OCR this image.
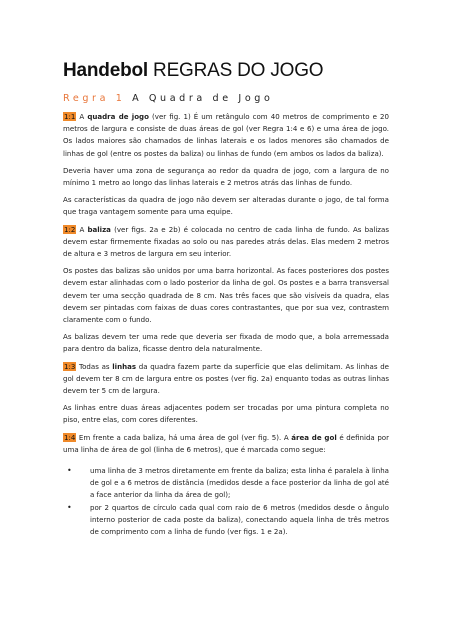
Handebol REGRAS DO JOGO
Regra 1 A Quadra de Jogo

1:1 A quadra de jogo (ver fig. 1) É um retângulo com 40 metros de comprimento e 20 metros de largura e consiste de duas áreas de gol (ver Regra 1:4 e 6) e uma área de jogo. Os lados maiores são chamados de linhas laterais e os lados menores são chamados de linhas de gol (entre os postes da baliza) ou linhas de fundo (em ambos os lados da baliza).

Deveria haver uma zona de segurança ao redor da quadra de jogo, com a largura de no mínimo 1 metro ao longo das linhas laterais e 2 metros atrás das linhas de fundo.

As características da quadra de jogo não devem ser alteradas durante o jogo, de tal forma que traga vantagem somente para uma equipe.

1:2 A baliza (ver figs. 2a e 2b) é colocada no centro de cada linha de fundo. As balizas devem estar firmemente fixadas ao solo ou nas paredes atrás delas. Elas medem 2 metros de altura e 3 metros de largura em seu interior.

Os postes das balizas são unidos por uma barra horizontal. As faces posteriores dos postes devem estar alinhadas com o lado posterior da linha de gol. Os postes e a barra transversal devem ter uma secção quadrada de 8 cm. Nas três faces que são visíveis da quadra, elas devem ser pintadas com faixas de duas cores contrastantes, que por sua vez, contrastem claramente com o fundo.

As balizas devem ter uma rede que deveria ser fixada de modo que, a bola arremessada para dentro da baliza, ficasse dentro dela naturalmente.

1:3 Todas as linhas da quadra fazem parte da superfície que elas delimitam. As linhas de gol devem ter 8 cm de largura entre os postes (ver fig. 2a) enquanto todas as outras linhas devem ter 5 cm de largura.

As linhas entre duas áreas adjacentes podem ser trocadas por uma pintura completa no piso, entre elas, com cores diferentes.

1:4 Em frente a cada baliza, há uma área de gol (ver fig. 5). A área de gol é definida por uma linha de área de gol (linha de 6 metros), que é marcada como segue:

•	uma linha de 3 metros diretamente em frente da baliza; esta linha é paralela à linha de gol e a 6 metros de distância (medidos desde a face posterior da linha de gol até a face anterior da linha da área de gol);
•	por 2 quartos de círculo cada qual com raio de 6 metros (medidos desde o ângulo interno posterior de cada poste da baliza), conectando aquela linha de três metros de comprimento com a linha de fundo (ver figs. 1 e 2a).
